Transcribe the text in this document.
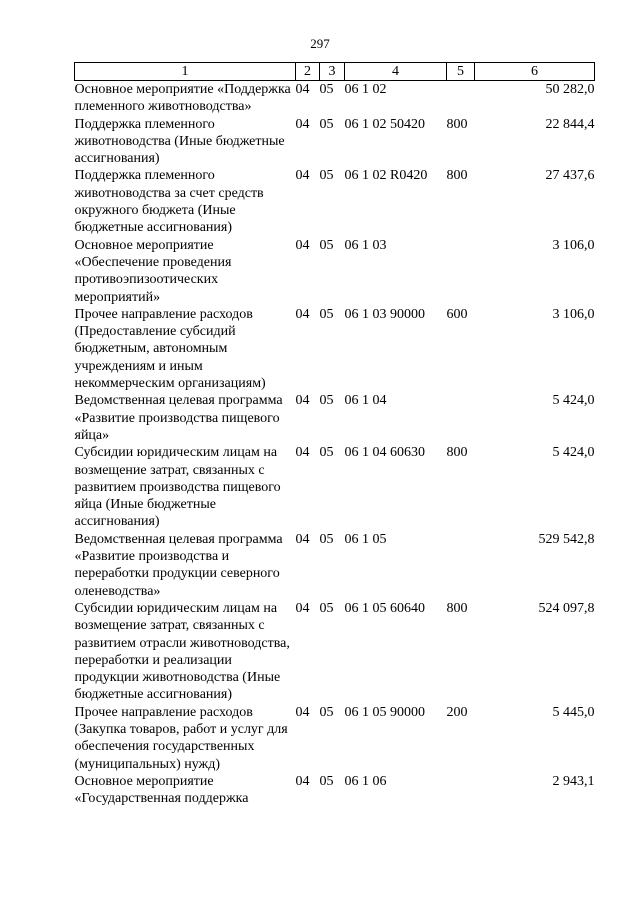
297
1	2	3	4	5	6
Основное мероприятие «Поддержка племенного животноводства»	04	05	06 1 02		50 282,0
Поддержка племенного животноводства (Иные бюджетные ассигнования)	04	05	06 1 02 50420	800	22 844,4
Поддержка племенного животноводства за счет средств окружного бюджета (Иные бюджетные ассигнования)	04	05	06 1 02 R0420	800	27 437,6
Основное мероприятие «Обеспечение проведения противоэпизоотических мероприятий»	04	05	06 1 03		3 106,0
Прочее направление расходов (Предоставление субсидий бюджетным, автономным учреждениям и иным некоммерческим организациям)	04	05	06 1 03 90000	600	3 106,0
Ведомственная целевая программа «Развитие производства пищевого яйца»	04	05	06 1 04		5 424,0
Субсидии юридическим лицам на возмещение затрат, связанных с развитием производства пищевого яйца (Иные бюджетные ассигнования)	04	05	06 1 04 60630	800	5 424,0
Ведомственная целевая программа «Развитие производства и переработки продукции северного оленеводства»	04	05	06 1 05		529 542,8
Субсидии юридическим лицам на возмещение затрат, связанных с развитием отрасли животноводства, переработки и реализации продукции животноводства (Иные бюджетные ассигнования)	04	05	06 1 05 60640	800	524 097,8
Прочее направление расходов (Закупка товаров, работ и услуг для обеспечения государственных (муниципальных) нужд)	04	05	06 1 05 90000	200	5 445,0
Основное мероприятие «Государственная поддержка	04	05	06 1 06		2 943,1
